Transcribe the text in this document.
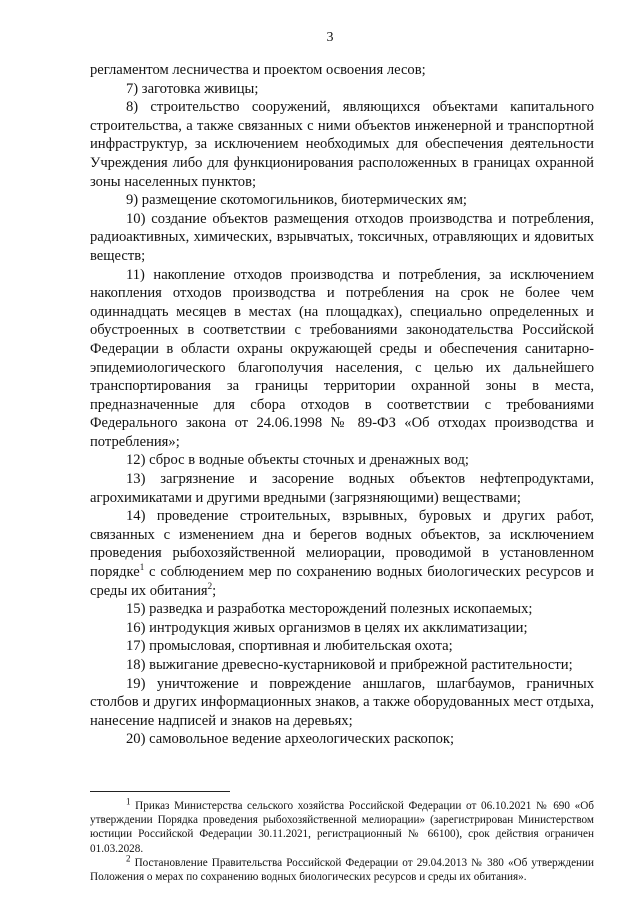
3

регламентом лесничества и проектом освоения лесов;

7) заготовка живицы;

8) строительство сооружений, являющихся объектами капитального строительства, а также связанных с ними объектов инженерной и транспортной инфраструктур, за исключением необходимых для обеспечения деятельности Учреждения либо для функционирования расположенных в границах охранной зоны населенных пунктов;

9) размещение скотомогильников, биотермических ям;

10) создание объектов размещения отходов производства и потребления, радиоактивных, химических, взрывчатых, токсичных, отравляющих и ядовитых веществ;

11) накопление отходов производства и потребления, за исключением накопления отходов производства и потребления на срок не более чем одиннадцать месяцев в местах (на площадках), специально определенных и обустроенных в соответствии с требованиями законодательства Российской Федерации в области охраны окружающей среды и обеспечения санитарно-эпидемиологического благополучия населения, с целью их дальнейшего транспортирования за границы территории охранной зоны в места, предназначенные для сбора отходов в соответствии с требованиями Федерального закона от 24.06.1998 № 89-ФЗ «Об отходах производства и потребления»;

12) сброс в водные объекты сточных и дренажных вод;

13) загрязнение и засорение водных объектов нефтепродуктами, агрохимикатами и другими вредными (загрязняющими) веществами;

14) проведение строительных, взрывных, буровых и других работ, связанных с изменением дна и берегов водных объектов, за исключением проведения рыбохозяйственной мелиорации, проводимой в установленном порядке$^1$ с соблюдением мер по сохранению водных биологических ресурсов и среды их обитания$^2$;

15) разведка и разработка месторождений полезных ископаемых;

16) интродукция живых организмов в целях их акклиматизации;

17) промысловая, спортивная и любительская охота;

18) выжигание древесно-кустарниковой и прибрежной растительности;

19) уничтожение и повреждение аншлагов, шлагбаумов, граничных столбов и других информационных знаков, а также оборудованных мест отдыха, нанесение надписей и знаков на деревьях;

20) самовольное ведение археологических раскопок;

$^1$ Приказ Министерства сельского хозяйства Российской Федерации от 06.10.2021 № 690 «Об утверждении Порядка проведения рыбохозяйственной мелиорации» (зарегистрирован Министерством юстиции Российской Федерации 30.11.2021, регистрационный № 66100), срок действия ограничен 01.03.2028.

$^2$ Постановление Правительства Российской Федерации от 29.04.2013 № 380 «Об утверждении Положения о мерах по сохранению водных биологических ресурсов и среды их обитания».
